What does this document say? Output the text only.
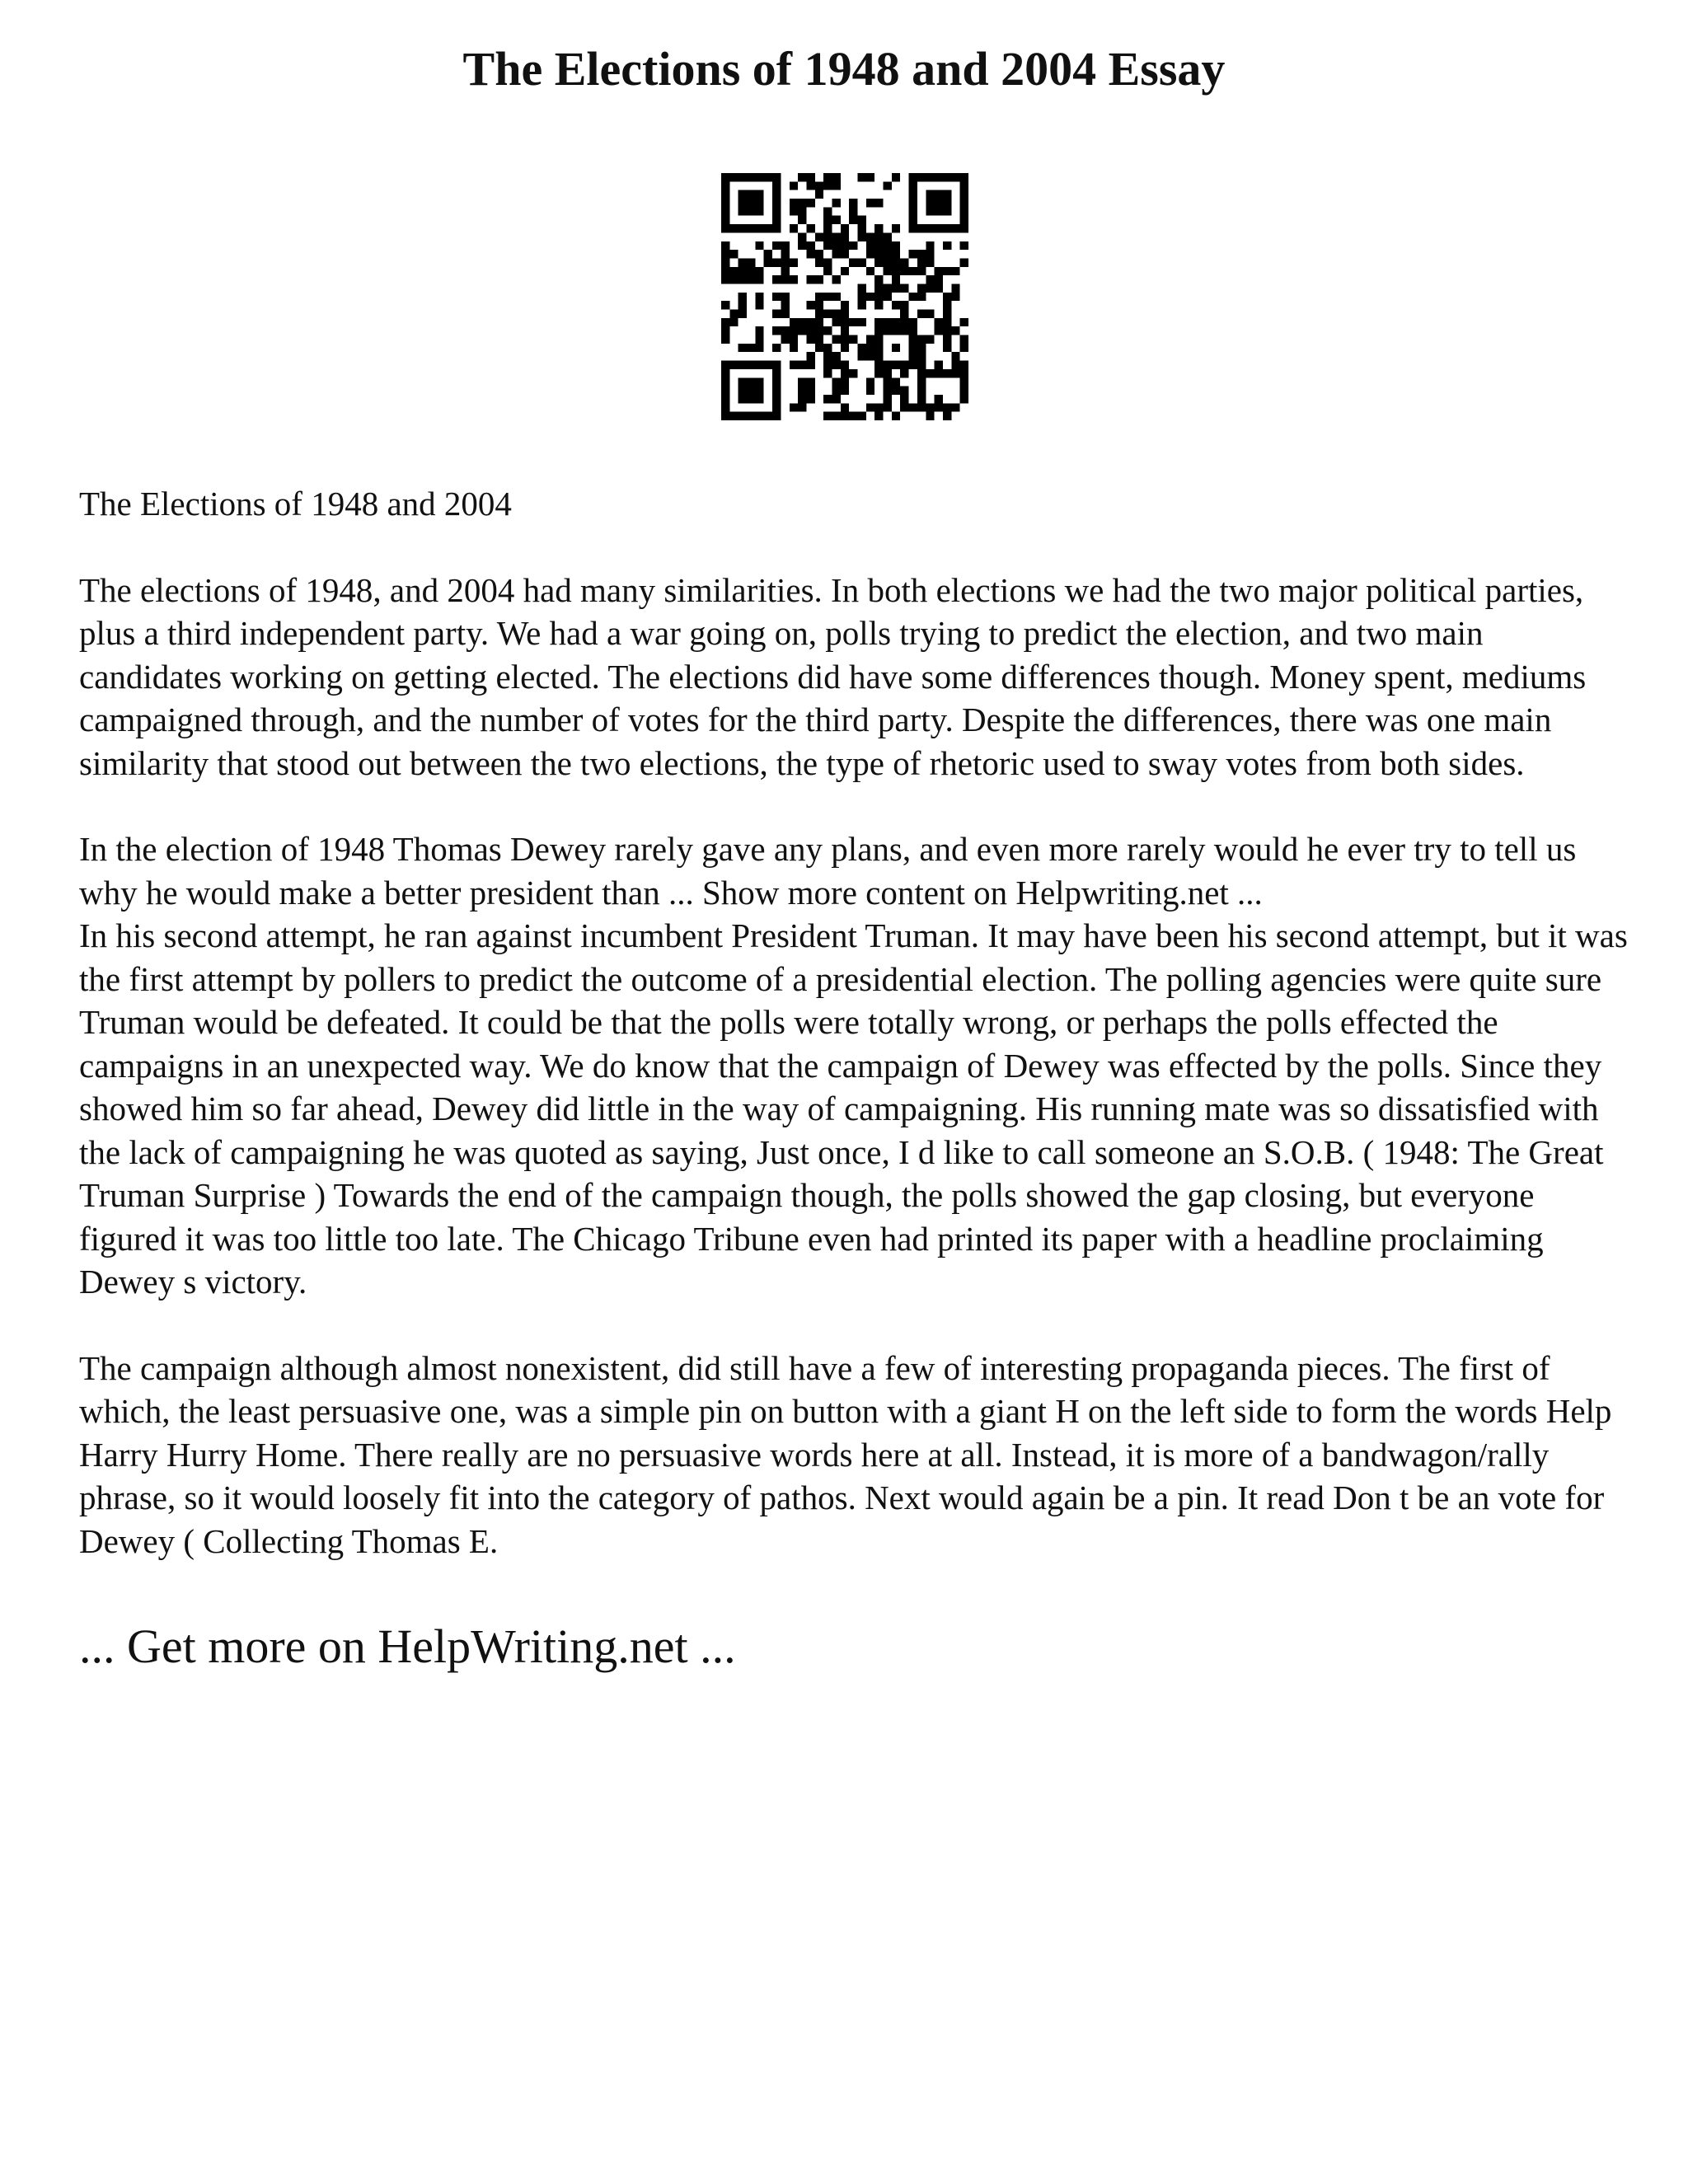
The Elections of 1948 and 2004 Essay

The Elections of 1948 and 2004

The elections of 1948, and 2004 had many similarities. In both elections we had the two major political parties, plus a third independent party. We had a war going on, polls trying to predict the election, and two main candidates working on getting elected. The elections did have some differences though. Money spent, mediums campaigned through, and the number of votes for the third party. Despite the differences, there was one main similarity that stood out between the two elections, the type of rhetoric used to sway votes from both sides.

In the election of 1948 Thomas Dewey rarely gave any plans, and even more rarely would he ever try to tell us why he would make a better president than ... Show more content on Helpwriting.net ...

In his second attempt, he ran against incumbent President Truman. It may have been his second attempt, but it was the first attempt by pollers to predict the outcome of a presidential election. The polling agencies were quite sure Truman would be defeated. It could be that the polls were totally wrong, or perhaps the polls effected the campaigns in an unexpected way. We do know that the campaign of Dewey was effected by the polls. Since they showed him so far ahead, Dewey did little in the way of campaigning. His running mate was so dissatisfied with the lack of campaigning he was quoted as saying, Just once, I d like to call someone an S.O.B. ( 1948: The Great Truman Surprise ) Towards the end of the campaign though, the polls showed the gap closing, but everyone figured it was too little too late. The Chicago Tribune even had printed its paper with a headline proclaiming Dewey s victory.

The campaign although almost nonexistent, did still have a few of interesting propaganda pieces. The first of which, the least persuasive one, was a simple pin on button with a giant H on the left side to form the words Help Harry Hurry Home. There really are no persuasive words here at all. Instead, it is more of a bandwagon/rally phrase, so it would loosely fit into the category of pathos. Next would again be a pin. It read Don t be an vote for Dewey ( Collecting Thomas E.

... Get more on HelpWriting.net ...
